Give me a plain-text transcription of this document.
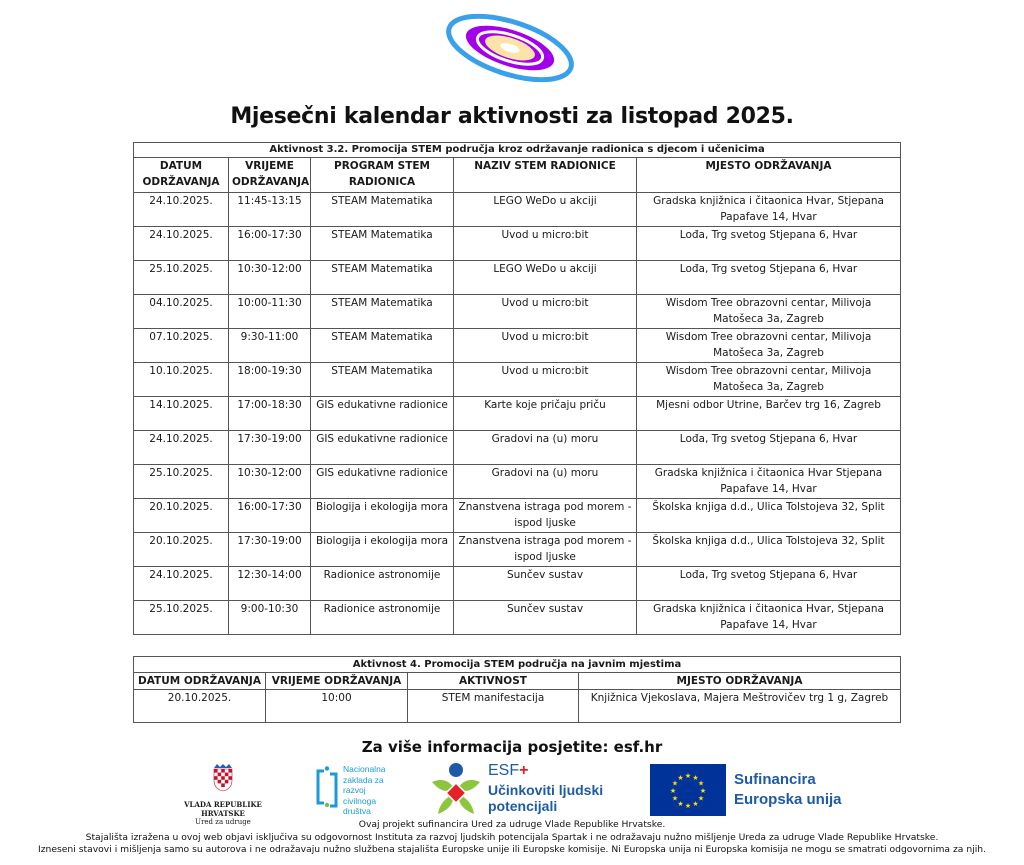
Mjesečni kalendar aktivnosti za listopad 2025.
Aktivnost 3.2. Promocija STEM područja kroz održavanje radionica s djecom i učenicima				
DATUM ODRŽAVANJA	VRIJEME ODRŽAVANJA	PROGRAM STEM RADIONICA	NAZIV STEM RADIONICE	MJESTO ODRŽAVANJA
24.10.2025.	11:45-13:15	STEAM Matematika	LEGO WeDo u akciji	Gradska knjižnica i čitaonica Hvar, Stjepana Papafave 14, Hvar
24.10.2025.	16:00-17:30	STEAM Matematika	Uvod u micro:bit	Lođa, Trg svetog Stjepana 6, Hvar
25.10.2025.	10:30-12:00	STEAM Matematika	LEGO WeDo u akciji	Lođa, Trg svetog Stjepana 6, Hvar
04.10.2025.	10:00-11:30	STEAM Matematika	Uvod u micro:bit	Wisdom Tree obrazovni centar, Milivoja Matošeca 3a, Zagreb
07.10.2025.	9:30-11:00	STEAM Matematika	Uvod u micro:bit	Wisdom Tree obrazovni centar, Milivoja Matošeca 3a, Zagreb
10.10.2025.	18:00-19:30	STEAM Matematika	Uvod u micro:bit	Wisdom Tree obrazovni centar, Milivoja Matošeca 3a, Zagreb
14.10.2025.	17:00-18:30	GIS edukativne radionice	Karte koje pričaju priču	Mjesni odbor Utrine, Barčev trg 16, Zagreb
24.10.2025.	17:30-19:00	GIS edukativne radionice	Gradovi na (u) moru	Lođa, Trg svetog Stjepana 6, Hvar
25.10.2025.	10:30-12:00	GIS edukativne radionice	Gradovi na (u) moru	Gradska knjižnica i čitaonica Hvar Stjepana Papafave 14, Hvar
20.10.2025.	16:00-17:30	Biologija i ekologija mora	Znanstvena istraga pod morem - ispod ljuske	Školska knjiga d.d., Ulica Tolstojeva 32, Split
20.10.2025.	17:30-19:00	Biologija i ekologija mora	Znanstvena istraga pod morem - ispod ljuske	Školska knjiga d.d., Ulica Tolstojeva 32, Split
24.10.2025.	12:30-14:00	Radionice astronomije	Sunčev sustav	Lođa, Trg svetog Stjepana 6, Hvar
25.10.2025.	9:00-10:30	Radionice astronomije	Sunčev sustav	Gradska knjižnica i čitaonica Hvar, Stjepana Papafave 14, Hvar
Aktivnost 4. Promocija STEM područja na javnim mjestima			
DATUM ODRŽAVANJA	VRIJEME ODRŽAVANJA	AKTIVNOST	MJESTO ODRŽAVANJA
20.10.2025.	10:00	STEM manifestacija	Knjižnica Vjekoslava, Majera Meštrovičev trg 1 g, Zagreb
Za više informacija posjetite: esf.hr
VLADA REPUBLIKE HRVATSKE
Ured za udruge
Nacionalna
zaklada za
razvoj
civilnoga
društva
ESF+
Učinkoviti ljudski
potencijali
★ ★
★
★
★
★
★
★
★
★
★
★	Sufinancira
Europska unija
Ovaj projekt sufinancira Ured za udruge Vlade Republike Hrvatske.
Stajališta izražena u ovoj web objavi isključiva su odgovornost Instituta za razvoj ljudskih potencijala Spartak i ne odražavaju nužno mišljenje Ureda za udruge Vlade Republike Hrvatske.
Izneseni stavovi i mišljenja samo su autorova i ne odražavaju nužno službena stajališta Europske unije ili Europske komisije. Ni Europska unija ni Europska komisija ne mogu se smatrati odgovornima za njih.
